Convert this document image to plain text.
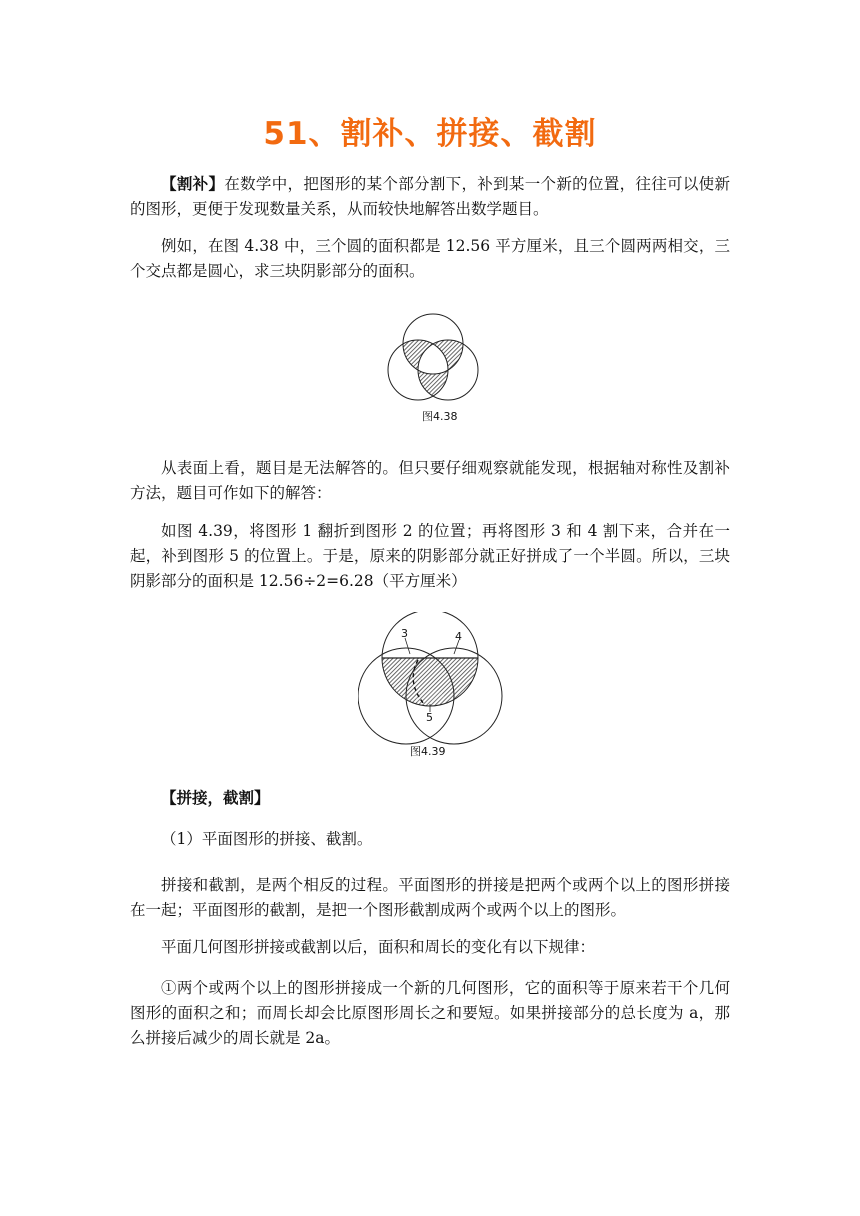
51、割补、拼接、截割

【割补】在数学中，把图形的某个部分割下，补到某一个新的位置，往往可以使新的图形，更便于发现数量关系，从而较快地解答出数学题目。

例如，在图 4.38 中，三个圆的面积都是 12.56 平方厘米，且三个圆两两相交，三个交点都是圆心，求三块阴影部分的面积。

图4.38

从表面上看，题目是无法解答的。但只要仔细观察就能发现，根据轴对称性及割补方法，题目可作如下的解答：

如图 4.39，将图形 1 翻折到图形 2 的位置；再将图形 3 和 4 割下来，合并在一起，补到图形 5 的位置上。于是，原来的阴影部分就正好拼成了一个半圆。所以，三块阴影部分的面积是 12.56÷2=6.28（平方厘米）

3	4
5
图4.39

【拼接，截割】

（1）平面图形的拼接、截割。

拼接和截割，是两个相反的过程。平面图形的拼接是把两个或两个以上的图形拼接在一起；平面图形的截割，是把一个图形截割成两个或两个以上的图形。

平面几何图形拼接或截割以后，面积和周长的变化有以下规律：

①两个或两个以上的图形拼接成一个新的几何图形，它的面积等于原来若干个几何图形的面积之和；而周长却会比原图形周长之和要短。如果拼接部分的总长度为 a，那么拼接后减少的周长就是 2a。
